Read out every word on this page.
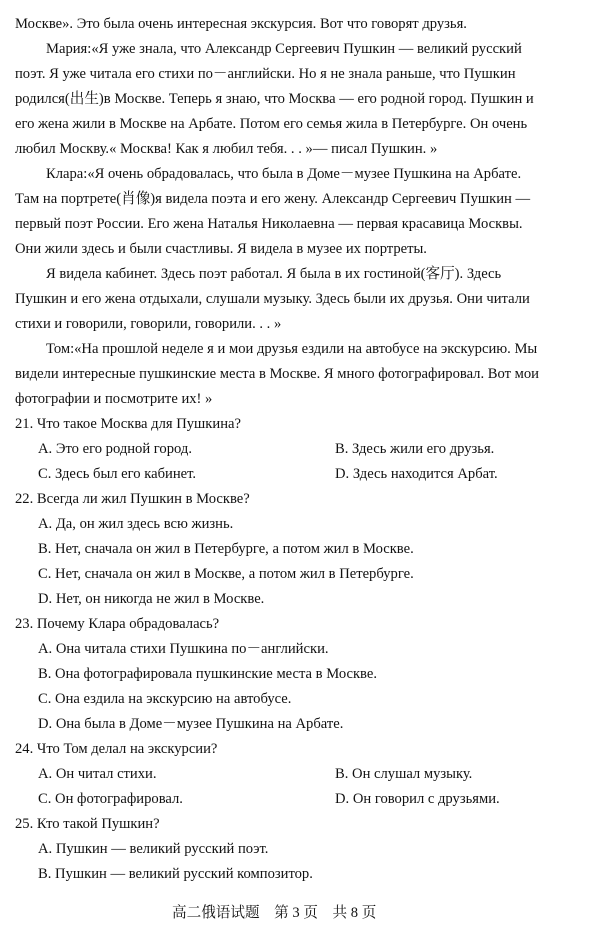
Москве». Это была очень интересная экскурсия. Вот что говорят друзья.
Мария:«Я уже знала, что Александр Сергеевич Пушкин — великий русский
поэт. Я уже читала его стихи по－английски. Но я не знала раньше, что Пушкин
родился(出生)в Москве. Теперь я знаю, что Москва — его родной город. Пушкин и
его жена жили в Москве на Арбате. Потом его семья жила в Петербурге. Он очень
любил Москву.« Москва! Как я любил тебя. . . »— писал Пушкин. »
Клара:«Я очень обрадовалась, что была в Доме－музее Пушкина на Арбате.
Там на портрете(肖像)я видела поэта и его жену. Александр Сергеевич Пушкин —
первый поэт России. Его жена Наталья Николаевна — первая красавица Москвы.
Они жили здесь и были счастливы. Я видела в музее их портреты.
Я видела кабинет. Здесь поэт работал. Я была в их гостиной(客厅). Здесь
Пушкин и его жена отдыхали, слушали музыку. Здесь были их друзья. Они читали
стихи и говорили, говорили, говорили. . . »
Том:«На прошлой неделе я и мои друзья ездили на автобусе на экскурсию. Мы
видели интересные пушкинские места в Москве. Я много фотографировал. Вот мои
фотографии и посмотрите их! »
21. Что такое Москва для Пушкина?
A. Это его родной город.	B. Здесь жили его друзья.
C. Здесь был его кабинет.	D. Здесь находится Арбат.
22. Всегда ли жил Пушкин в Москве?
A. Да, он жил здесь всю жизнь.
B. Нет, сначала он жил в Петербурге, а потом жил в Москве.
C. Нет, сначала он жил в Москве, а потом жил в Петербурге.
D. Нет, он никогда не жил в Москве.
23. Почему Клара обрадовалась?
A. Она читала стихи Пушкина по－английски.
B. Она фотографировала пушкинские места в Москве.
C. Она ездила на экскурсию на автобусе.
D. Она была в Доме－музее Пушкина на Арбате.
24. Что Том делал на экскурсии?
A. Он читал стихи.	B. Он слушал музыку.
C. Он фотографировал.	D. Он говорил с друзьями.
25. Кто такой Пушкин?
A. Пушкин — великий русский поэт.
B. Пушкин — великий русский композитор.
高二俄语试题　第 3 页　共 8 页
